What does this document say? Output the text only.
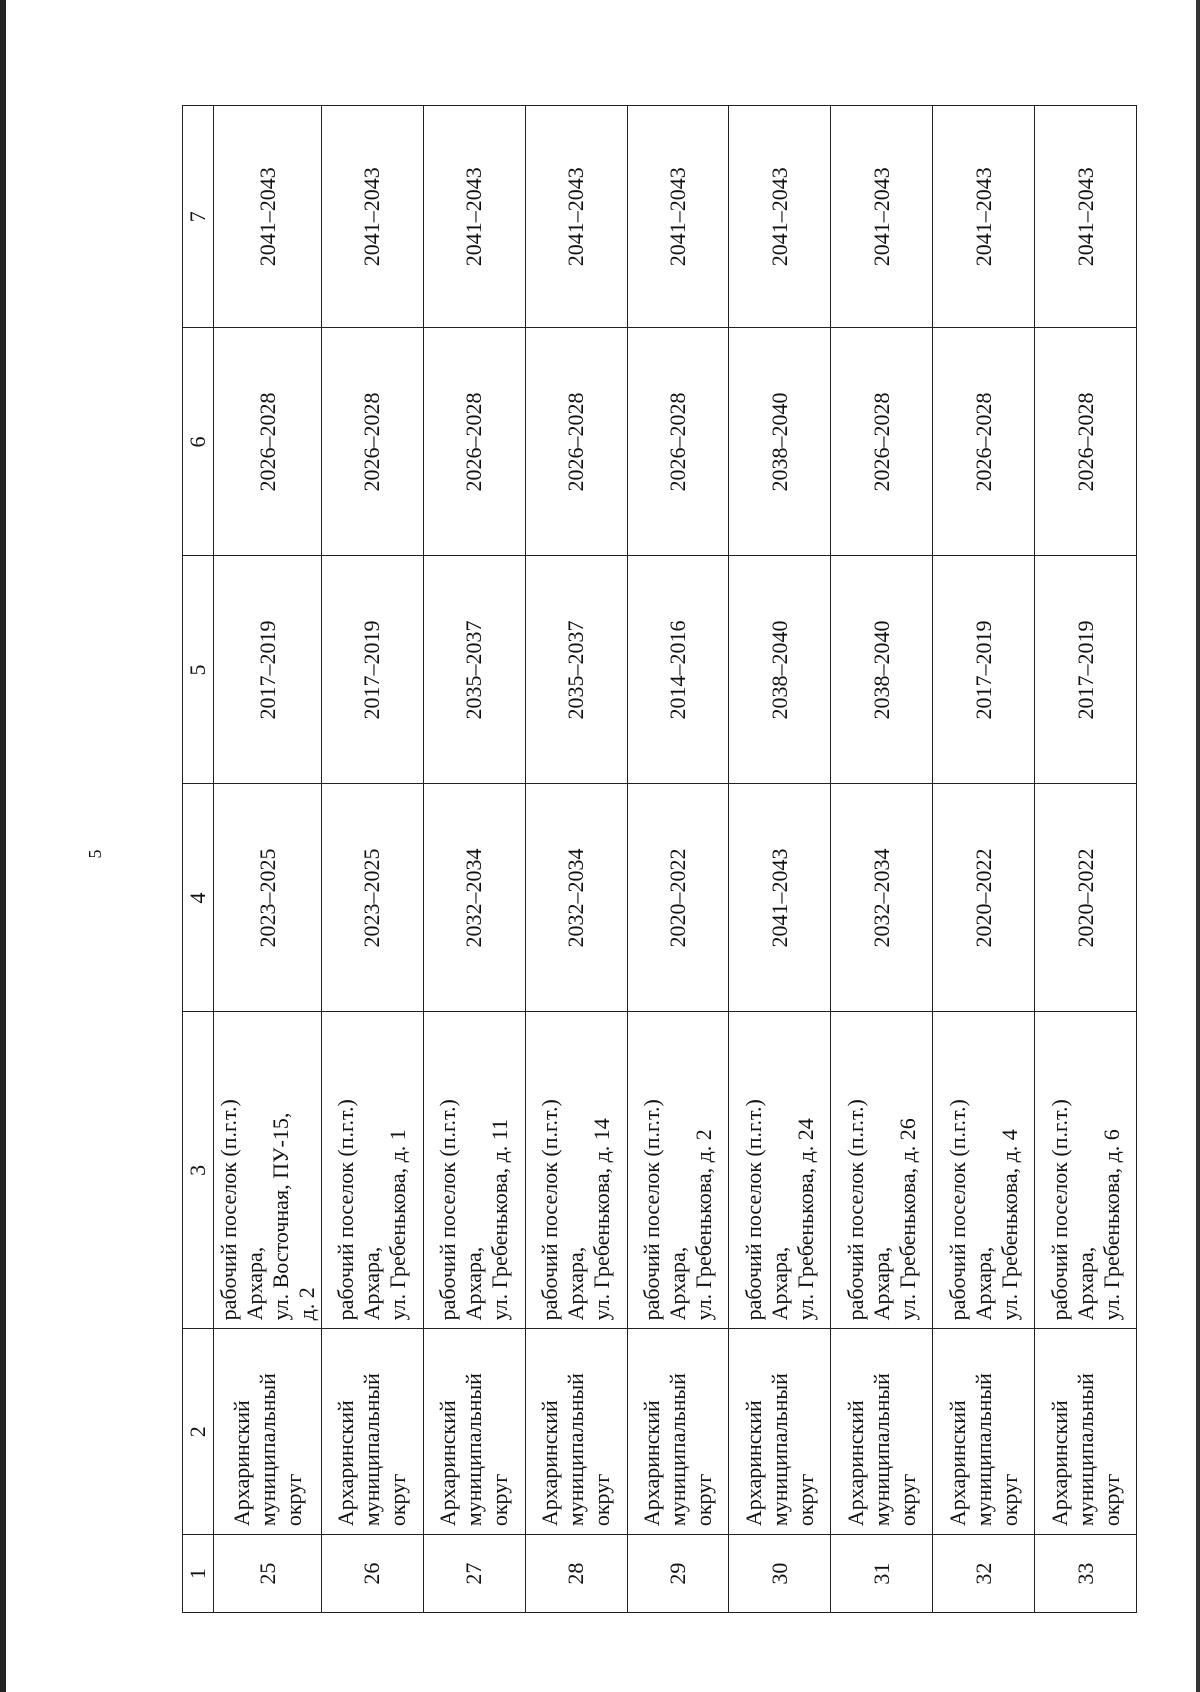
5
1	2	3	4	5	6	7
25	Архаринский муниципальный округ	рабочий поселок (п.г.т.) Архара, ул. Восточная, ПУ-15, д. 2	2023–2025	2017–2019	2026–2028	2041–2043
26	Архаринский муниципальный округ	рабочий поселок (п.г.т.) Архара, ул. Гребенькова, д. 1	2023–2025	2017–2019	2026–2028	2041–2043
27	Архаринский муниципальный округ	рабочий поселок (п.г.т.) Архара, ул. Гребенькова, д. 11	2032–2034	2035–2037	2026–2028	2041–2043
28	Архаринский муниципальный округ	рабочий поселок (п.г.т.) Архара, ул. Гребенькова, д. 14	2032–2034	2035–2037	2026–2028	2041–2043
29	Архаринский муниципальный округ	рабочий поселок (п.г.т.) Архара, ул. Гребенькова, д. 2	2020–2022	2014–2016	2026–2028	2041–2043
30	Архаринский муниципальный округ	рабочий поселок (п.г.т.) Архара, ул. Гребенькова, д. 24	2041–2043	2038–2040	2038–2040	2041–2043
31	Архаринский муниципальный округ	рабочий поселок (п.г.т.) Архара, ул. Гребенькова, д. 26	2032–2034	2038–2040	2026–2028	2041–2043
32	Архаринский муниципальный округ	рабочий поселок (п.г.т.) Архара, ул. Гребенькова, д. 4	2020–2022	2017–2019	2026–2028	2041–2043
33	Архаринский муниципальный округ	рабочий поселок (п.г.т.) Архара, ул. Гребенькова, д. 6	2020–2022	2017–2019	2026–2028	2041–2043
